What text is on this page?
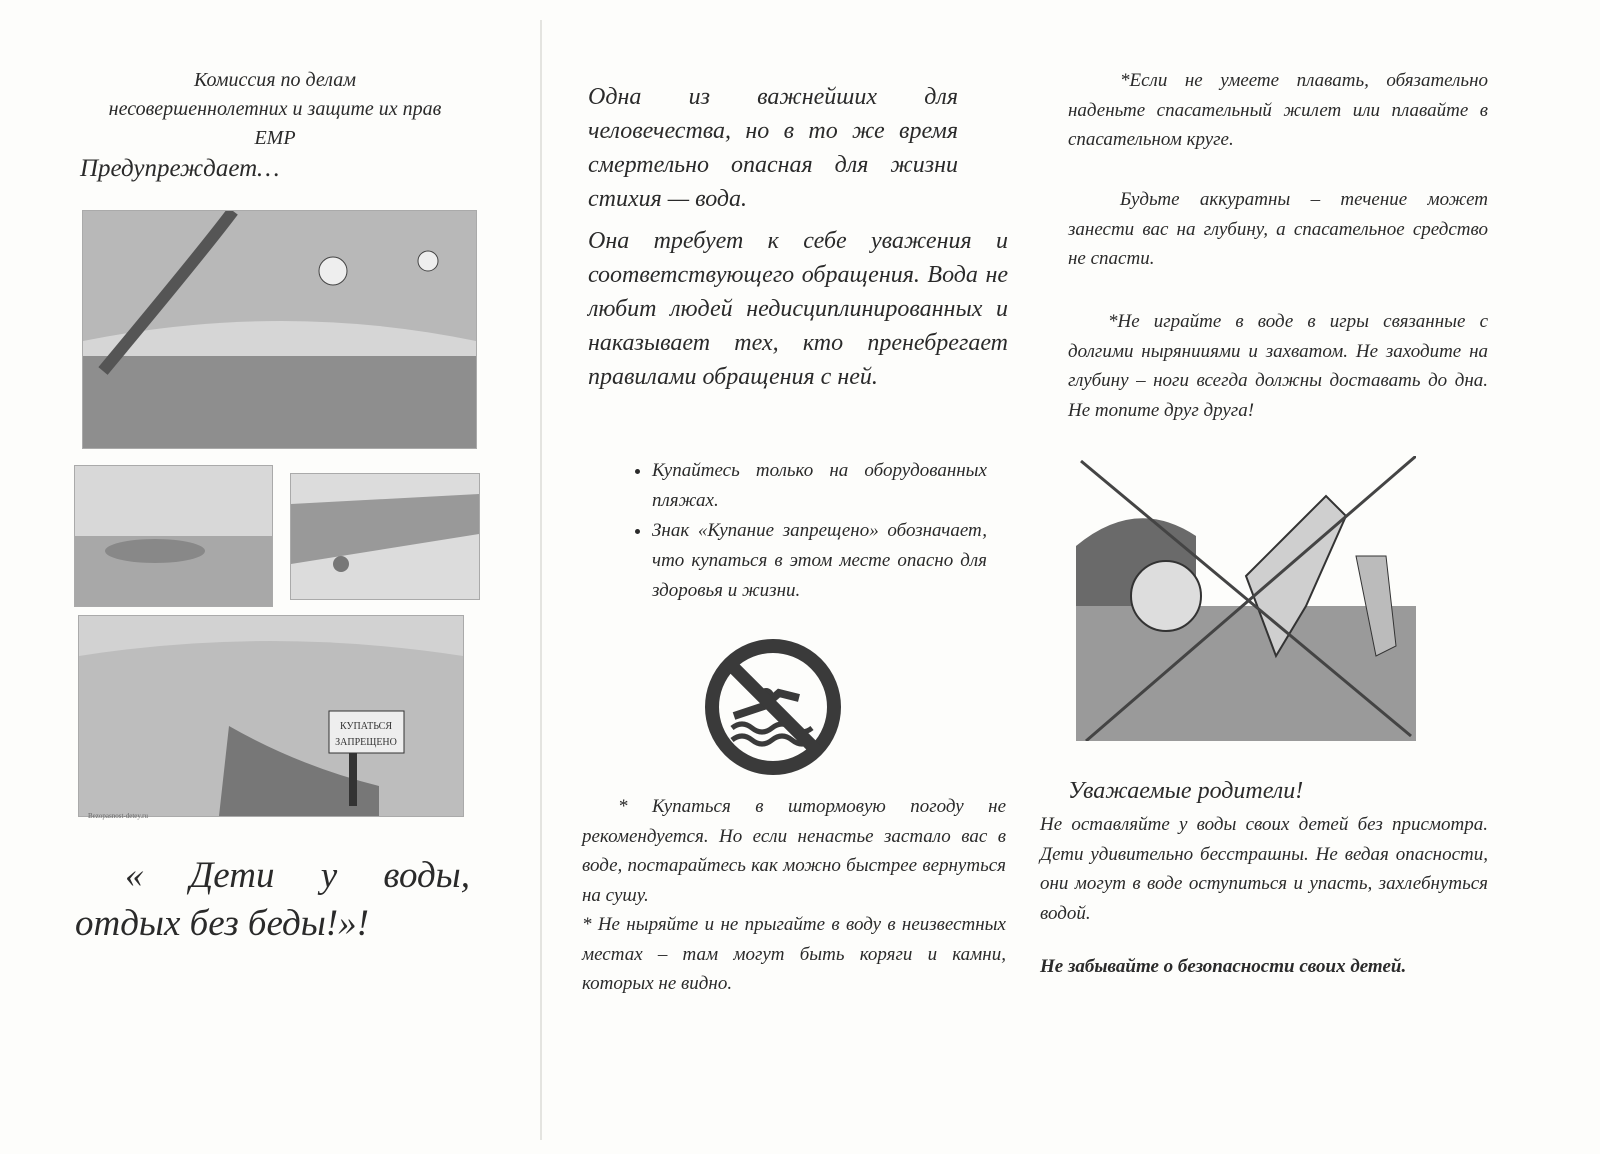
Комиссия по делам
несовершеннолетних и защите их прав
ЕМР
Предупреждает…
КУПАТЬСЯ
ЗАПРЕЩЕНО
Bezopasnost-detey.ru
« Дети у воды, отдых без беды!»!
Одна из важнейших для человечества, но в то же время смертельно опасная для жизни стихия — вода.
Она требует к себе уважения и соответствующего обращения. Вода не любит людей недисциплинированных и наказывает тех, кто пренебрегает правилами обращения с ней.
• Купайтесь только на оборудованных пляжах.
• Знак «Купание запрещено» обозначает, что купаться в этом месте опасно для здоровья и жизни.
* Купаться в штормовую погоду не рекомендуется. Но если ненастье застало вас в воде, постарайтесь как можно быстрее вернуться на сушу.
* Не ныряйте и не прыгайте в воду в неизвестных местах – там могут быть коряги и камни, которых не видно.
*Если не умеете плавать, обязательно наденьте спасательный жилет или плавайте в спасательном круге.
Будьте аккуратны – течение может занести вас на глубину, а спасательное средство не спасти.
*Не играйте в воде в игры связанные с долгими нырянииями и захватом. Не заходите на глубину – ноги всегда должны доставать до дна. Не топите друг друга!
Уважаемые родители!
Не оставляйте у воды своих детей без присмотра. Дети удивительно бесстрашны. Не ведая опасности, они могут в воде оступиться и упасть, захлебнуться водой.
Не забывайте о безопасности своих детей.
